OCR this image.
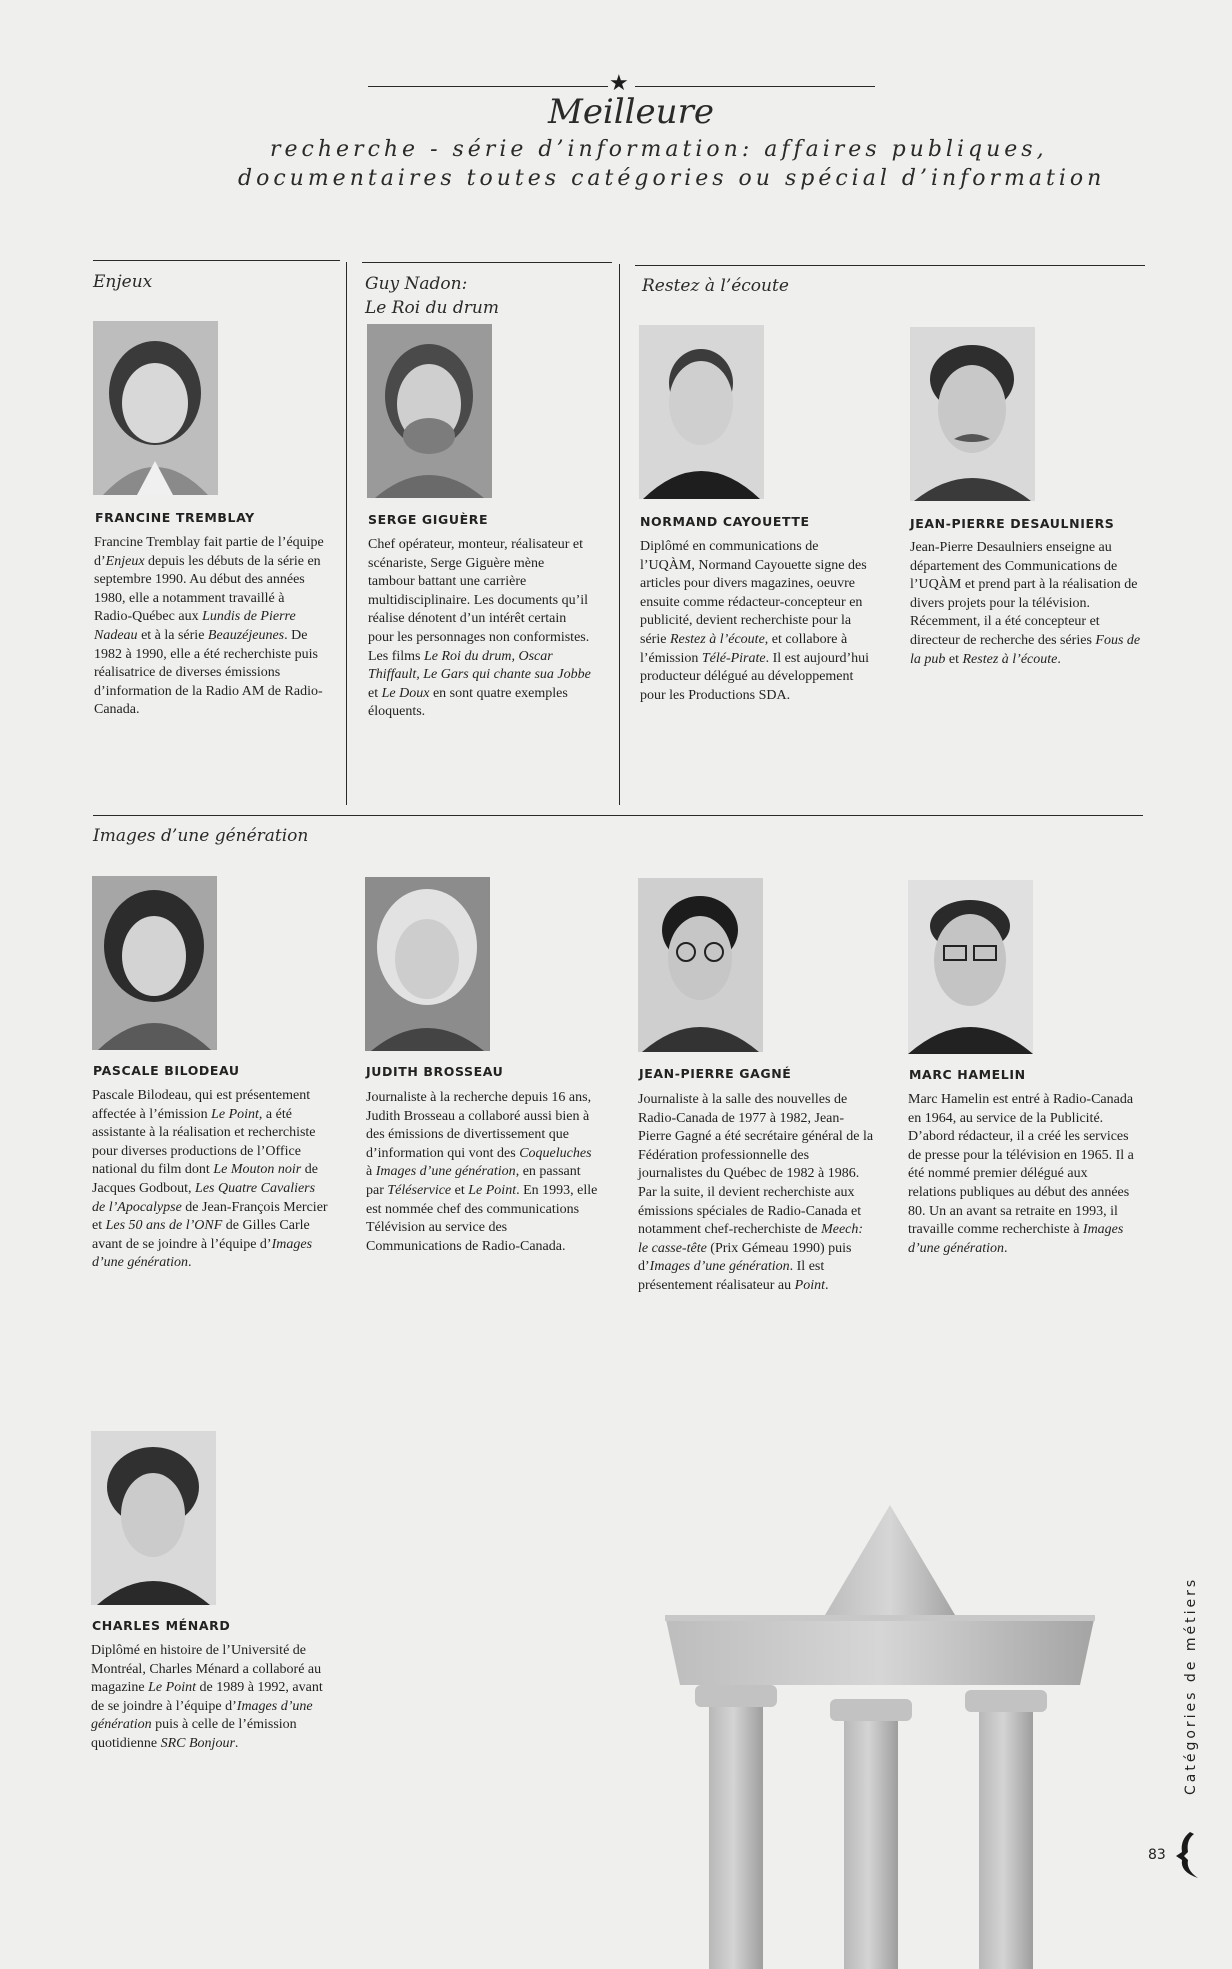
★
Meilleure
recherche - série d’information: affaires publiques,
documentaires toutes catégories ou spécial d’information
Enjeux	Guy Nadon:
Le Roi du drum
Restez à l’écoute
FRANCINE TREMBLAY	SERGE GIGUÈRE	NORMAND CAYOUETTE	JEAN-PIERRE DESAULNIERS
Francine Tremblay fait partie de l’équipe d’Enjeux depuis les débuts de la série en septembre 1990. Au début des années 1980, elle a notamment travaillé à Radio-Québec aux Lundis de Pierre Nadeau et à la série Beauzéjeunes. De 1982 à 1990, elle a été recherchiste puis réalisatrice de diverses émissions d’information de la Radio AM de Radio-Canada.
Chef opérateur, monteur, réalisateur et scénariste, Serge Giguère mène tambour battant une carrière multidisciplinaire. Les documents qu’il réalise dénotent d’un intérêt certain pour les personnages non conformistes. Les films Le Roi du drum, Oscar Thiffault, Le Gars qui chante sua Jobbe et Le Doux en sont quatre exemples éloquents.
Diplômé en communications de l’UQÀM, Normand Cayouette signe des articles pour divers magazines, oeuvre ensuite comme rédacteur-concepteur en publicité, devient recherchiste pour la série Restez à l’écoute, et collabore à l’émission Télé-Pirate. Il est aujourd’hui producteur délégué au développement pour les Productions SDA.
Jean-Pierre Desaulniers enseigne au département des Communications de l’UQÀM et prend part à la réalisation de divers projets pour la télévision. Récemment, il a été concepteur et directeur de recherche des séries Fous de la pub et Restez à l’écoute.
Images d’une génération
PASCALE BILODEAU	JUDITH BROSSEAU	JEAN-PIERRE GAGNÉ	MARC HAMELIN
Pascale Bilodeau, qui est présentement affectée à l’émission Le Point, a été assistante à la réalisation et recherchiste pour diverses productions de l’Office national du film dont Le Mouton noir de Jacques Godbout, Les Quatre Cavaliers de l’Apocalypse de Jean-François Mercier et Les 50 ans de l’ONF de Gilles Carle avant de se joindre à l’équipe d’Images d’une génération.
Journaliste à la recherche depuis 16 ans, Judith Brosseau a collaboré aussi bien à des émissions de divertissement que d’information qui vont des Coqueluches à Images d’une génération, en passant par Téléservice et Le Point. En 1993, elle est nommée chef des communications Télévision au service des Communications de Radio-Canada.
Journaliste à la salle des nouvelles de Radio-Canada de 1977 à 1982, Jean-Pierre Gagné a été secrétaire général de la Fédération professionnelle des journalistes du Québec de 1982 à 1986. Par la suite, il devient recherchiste aux émissions spéciales de Radio-Canada et notamment chef-recherchiste de Meech: le casse-tête (Prix Gémeau 1990) puis d’Images d’une génération. Il est présentement réalisateur au Point.
Marc Hamelin est entré à Radio-Canada en 1964, au service de la Publicité. D’abord rédacteur, il a créé les services de presse pour la télévision en 1965. Il a été nommé premier délégué aux relations publiques au début des années 80. Un an avant sa retraite en 1993, il travaille comme recherchiste à Images d’une génération.
CHARLES MÉNARD
Diplômé en histoire de l’Université de Montréal, Charles Ménard a collaboré au magazine Le Point de 1989 à 1992, avant de se joindre à l’équipe d’Images d’une génération puis à celle de l’émission quotidienne SRC Bonjour.	Catégories de métiers
83
